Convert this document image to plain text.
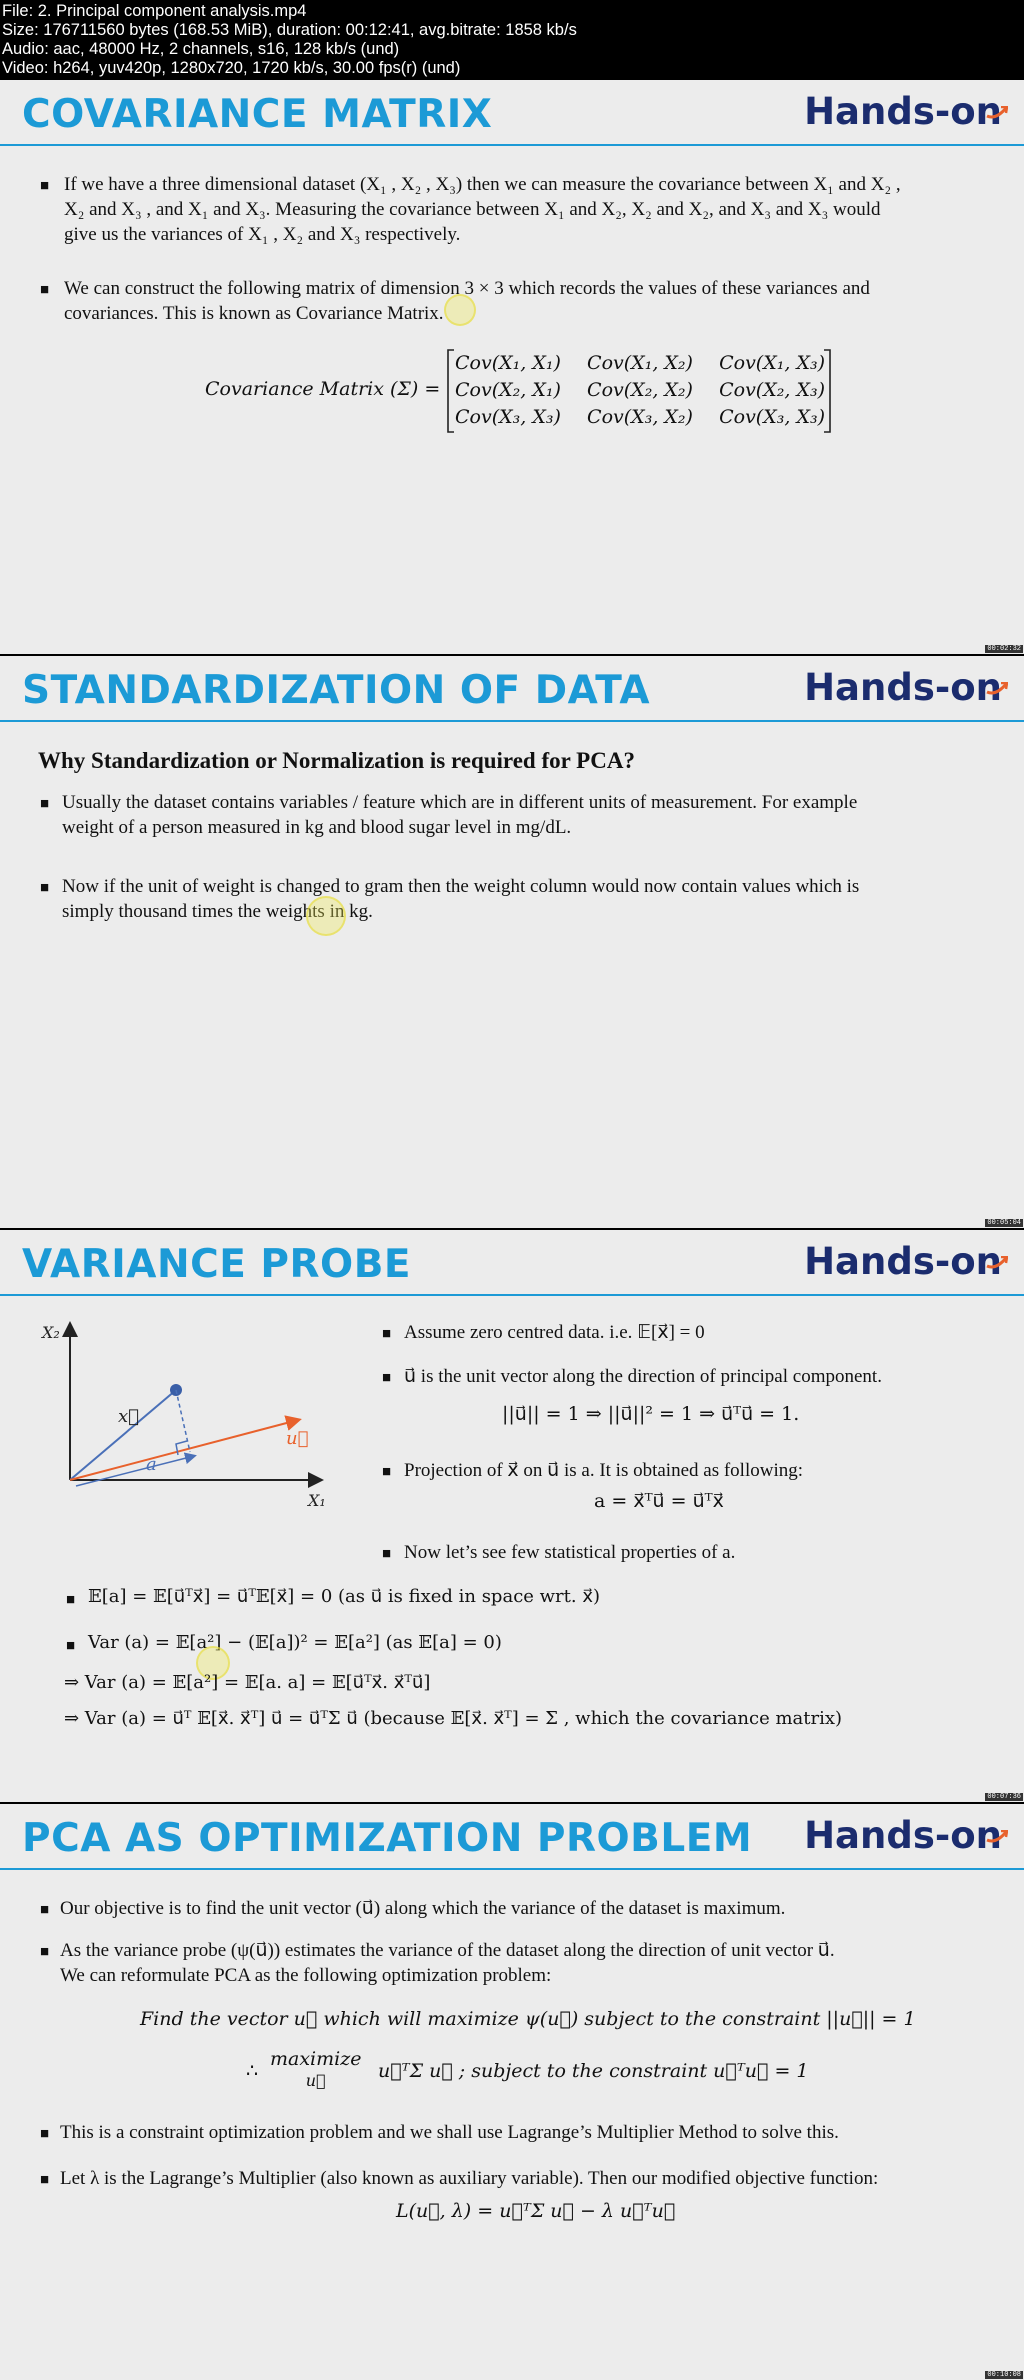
File: 2. Principal component analysis.mp4
Size: 176711560 bytes (168.53 MiB), duration: 00:12:41, avg.bitrate: 1858 kb/s
Audio: aac, 48000 Hz, 2 channels, s16, 128 kb/s (und)
Video: h264, yuv420p, 1280x720, 1720 kb/s, 30.00 fps(r) (und)
COVARIANCE MATRIX	Hands-on
■ If we have a three dimensional dataset (X₁ , X₂ , X₃) then we can measure the covariance between X₁ and X₂ ,
X₂ and X₃ , and X₁ and X₃. Measuring the covariance between X₁ and X₂, X₂ and X₂, and X₃ and X₃ would
give us the variances of X₁ , X₂ and X₃ respectively.
■ We can construct the following matrix of dimension 3 × 3 which records the values of these variances and
covariances. This is known as Covariance Matrix.
Covariance Matrix (Σ) =
Cov(X₁, X₁) Cov(X₁, X₂) Cov(X₁, X₃)
Cov(X₂, X₁) Cov(X₂, X₂) Cov(X₂, X₃)
Cov(X₃, X₃) Cov(X₃, X₂) Cov(X₃, X₃)
00:02:32
STANDARDIZATION OF DATA	Hands-on
Why Standardization or Normalization is required for PCA?
■ Usually the dataset contains variables / feature which are in different units of measurement. For example
weight of a person measured in kg and blood sugar level in mg/dL.
■ Now if the unit of weight is changed to gram then the weight column would now contain values which is
simply thousand times the weights in kg.
00:05:04
VARIANCE PROBE	Hands-on
X₂
X₁
x⃗
u⃗
a
■ Assume zero centred data. i.e. 𝔼[x⃗] = 0
■ u⃗ is the unit vector along the direction of principal component.
||u⃗|| = 1 ⇒ ||u⃗||² = 1 ⇒ u⃗ᵀu⃗ = 1.
■ Projection of x⃗ on u⃗ is a. It is obtained as following:
a = x⃗ᵀu⃗ = u⃗ᵀx⃗
■ Now let’s see few statistical properties of a.
■ 𝔼[a] = 𝔼[u⃗ᵀx⃗] = u⃗ᵀ𝔼[x⃗] = 0 (as u⃗ is fixed in space wrt. x⃗)
■ Var (a) = 𝔼[a²] − (𝔼[a])² = 𝔼[a²] (as 𝔼[a] = 0)
⇒ Var (a) = 𝔼[a²] = 𝔼[a. a] = 𝔼[u⃗ᵀx⃗. x⃗ᵀu⃗]
⇒ Var (a) = u⃗ᵀ 𝔼[x⃗. x⃗ᵀ] u⃗ = u⃗ᵀΣ u⃗ (because 𝔼[x⃗. x⃗ᵀ] = Σ , which the covariance matrix)
00:07:36
PCA AS OPTIMIZATION PROBLEM Hands-on
■ Our objective is to find the unit vector (u⃗) along which the variance of the dataset is maximum.
■ As the variance probe (ψ(u⃗)) estimates the variance of the dataset along the direction of unit vector u⃗.
We can reformulate PCA as the following optimization problem:
Find the vector u⃗ which will maximize ψ(u⃗) subject to the constraint ||u⃗|| = 1
∴
maximize
u⃗	u⃗ᵀΣ u⃗ ; subject to the constraint u⃗ᵀu⃗ = 1
■ This is a constraint optimization problem and we shall use Lagrange’s Multiplier Method to solve this.
■ Let λ is the Lagrange’s Multiplier (also known as auxiliary variable). Then our modified objective function:
L(u⃗, λ) = u⃗ᵀΣ u⃗ − λ u⃗ᵀu⃗
00:10:08
